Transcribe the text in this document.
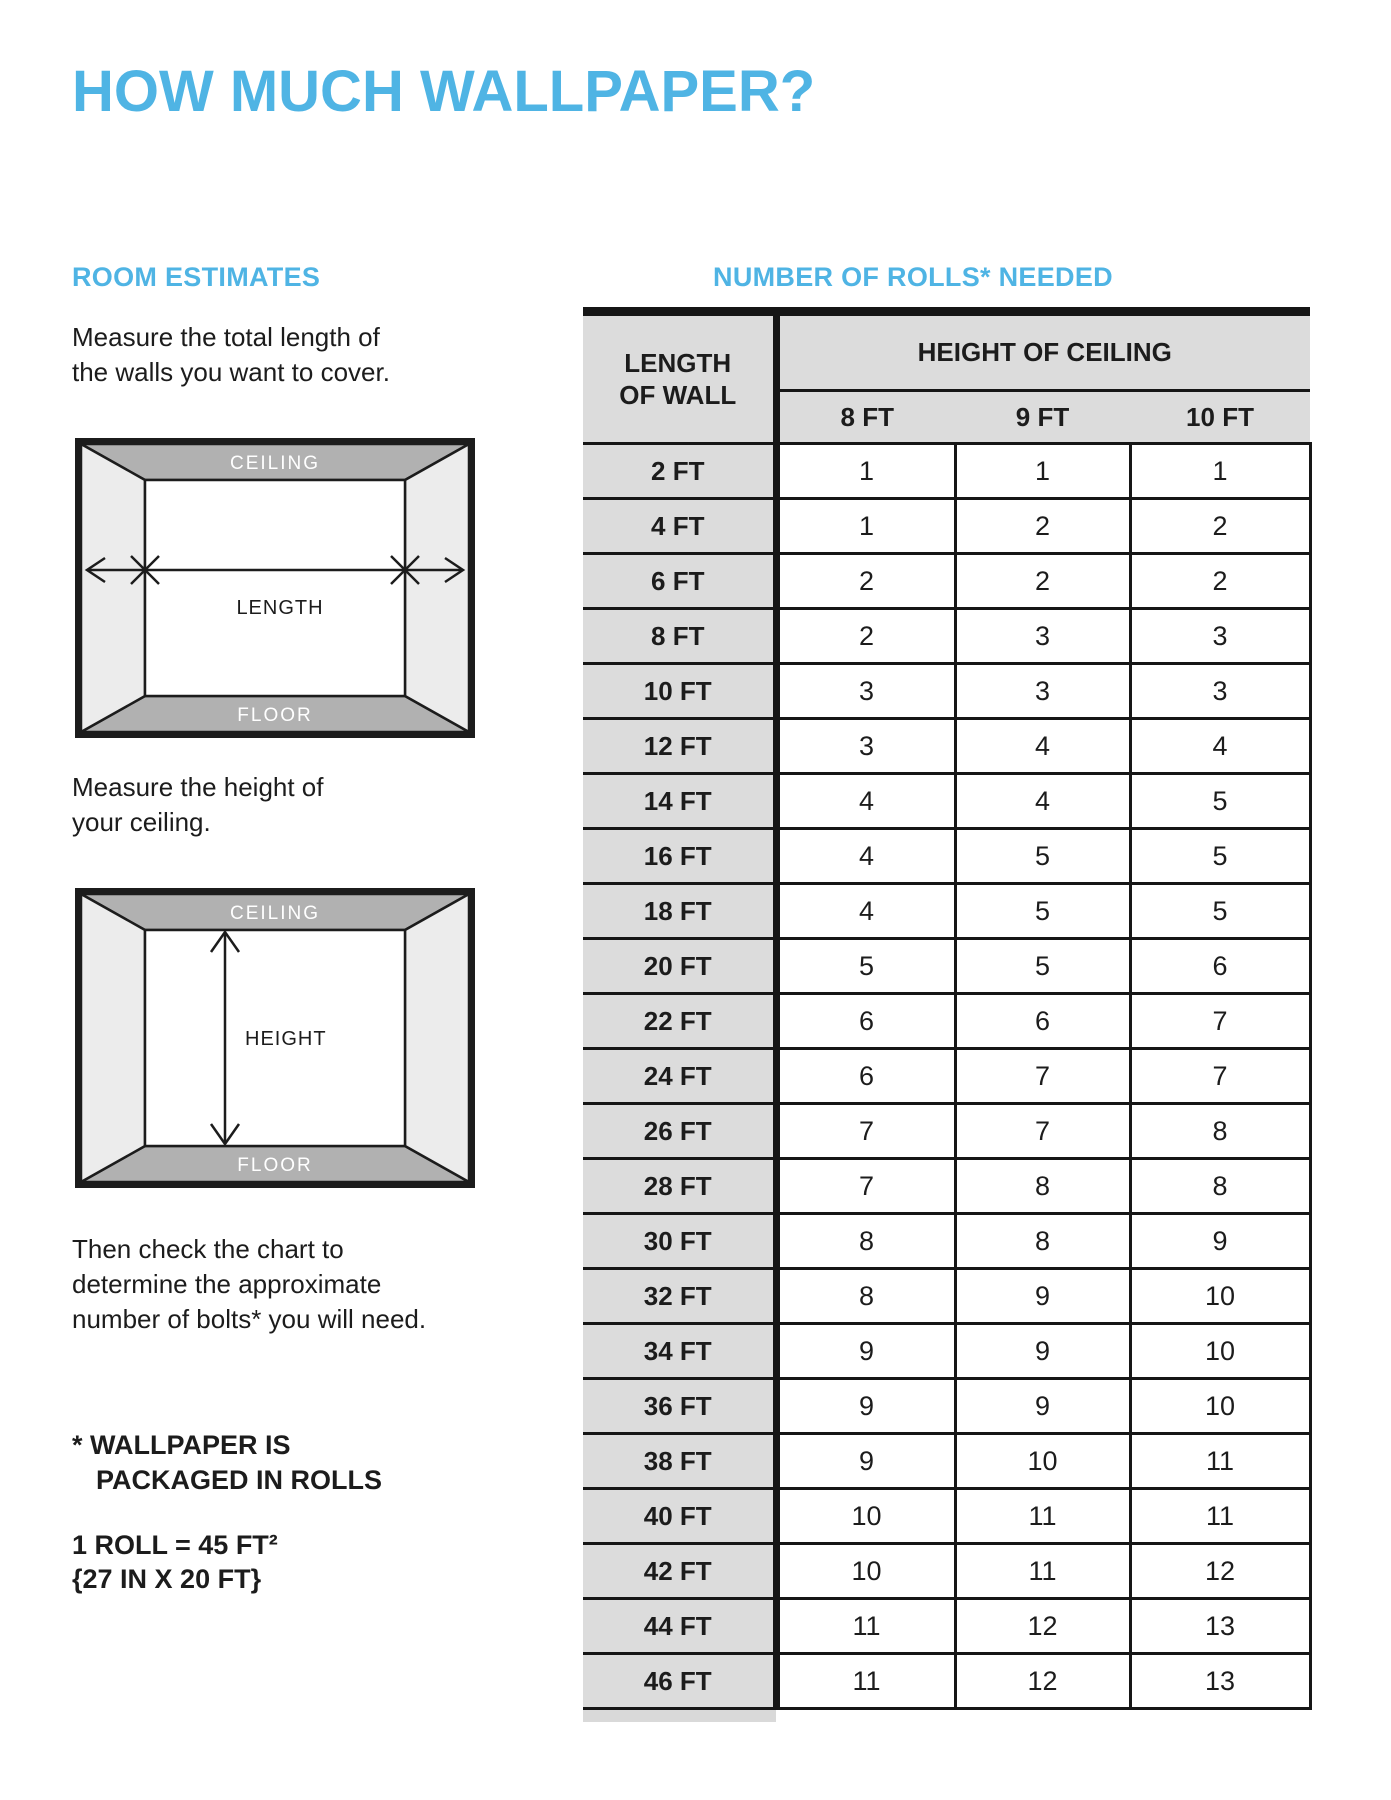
HOW MUCH WALLPAPER?
ROOM ESTIMATES
Measure the total length of
the walls you want to cover.
CEILING
FLOOR
LENGTH
Measure the height of
your ceiling.
CEILING
FLOOR
HEIGHT
Then check the chart to
determine the approximate
number of bolts* you will need.
* WALLPAPER IS
PACKAGED IN ROLLS
1 ROLL = 45 FT²
{27 IN X 20 FT}
NUMBER OF ROLLS* NEEDED
LENGTH
OF WALL	HEIGHT OF CEILING		
	8 FT	9 FT	10 FT
2 FT	1	1	1
4 FT	1	2	2
6 FT	2	2	2
8 FT	2	3	3
10 FT	3	3	3
12 FT	3	4	4
14 FT	4	4	5
16 FT	4	5	5
18 FT	4	5	5
20 FT	5	5	6
22 FT	6	6	7
24 FT	6	7	7
26 FT	7	7	8
28 FT	7	8	8
30 FT	8	8	9
32 FT	8	9	10
34 FT	9	9	10
36 FT	9	9	10
38 FT	9	10	11
40 FT	10	11	11
42 FT	10	11	12
44 FT	11	12	13
46 FT	11	12	13
